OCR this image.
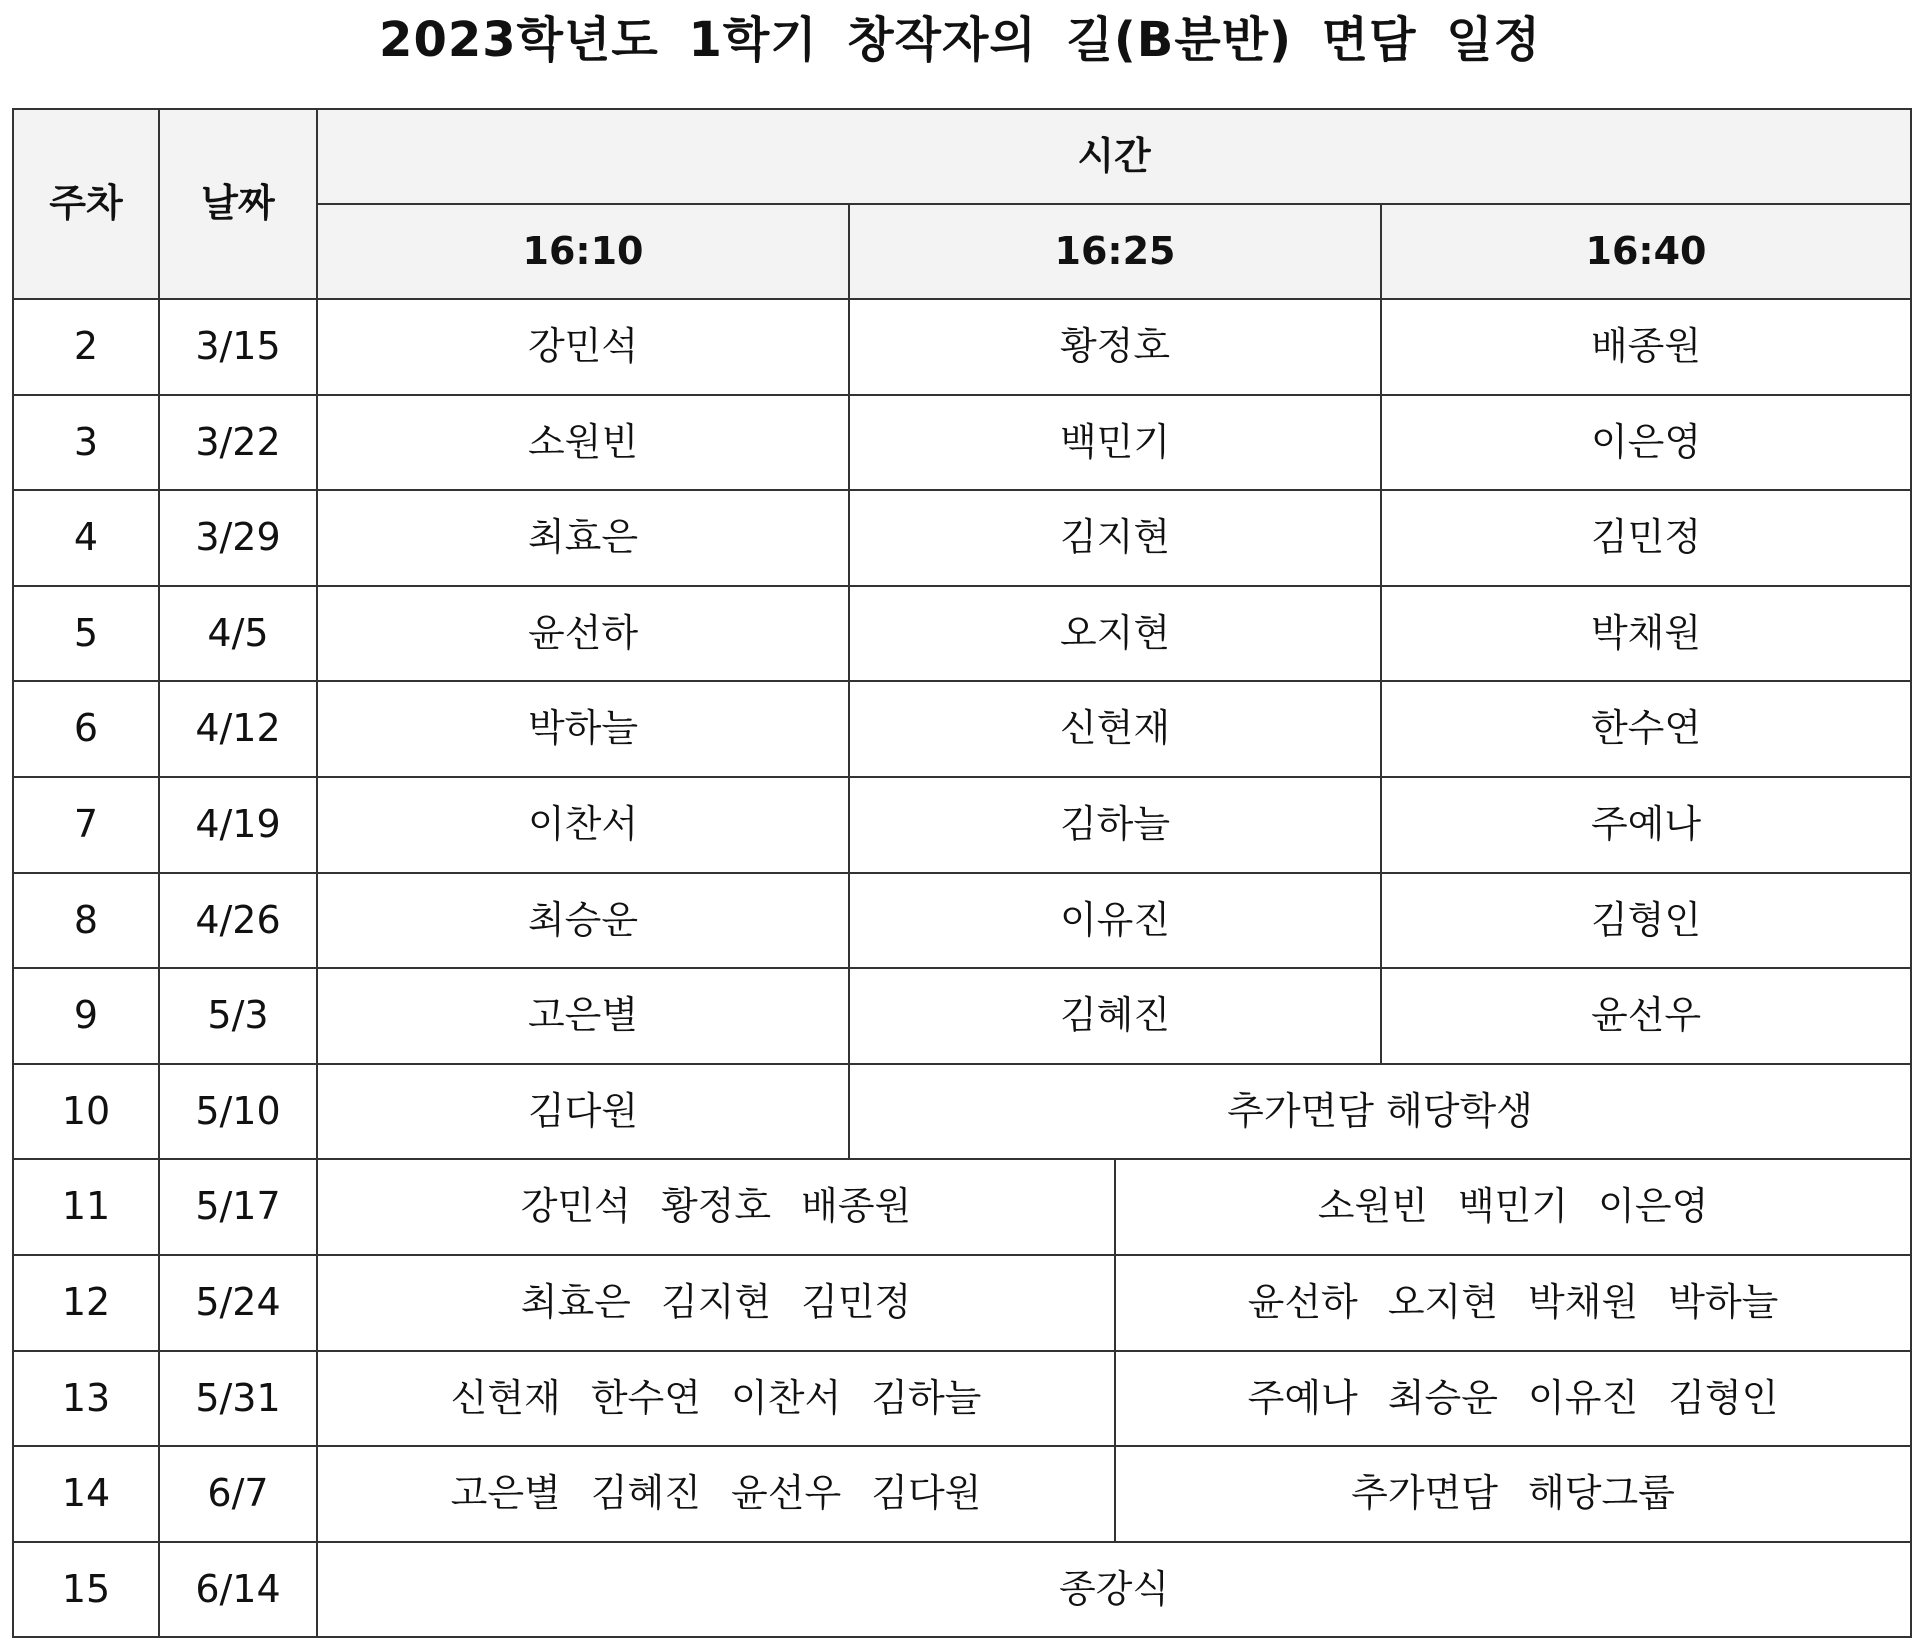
2023학년도 1학기 창작자의 길(B분반) 면담 일정
주차	날짜	시간			
		16:10	16:25		16:40
2	3/15	강민석	황정호		배종원
3	3/22	소원빈	백민기		이은영
4	3/29	최효은	김지현		김민정
5	4/5	윤선하	오지현		박채원
6	4/12	박하늘	신현재		한수연
7	4/19	이찬서	김하늘		주예나
8	4/26	최승운	이유진		김형인
9	5/3	고은별	김혜진		윤선우
10	5/10	김다원	추가면담 해당학생		
11	5/17	강민석 황정호 배종원		소원빈 백민기 이은영	
12	5/24	최효은 김지현 김민정		윤선하 오지현 박채원 박하늘	
13	5/31	신현재 한수연 이찬서 김하늘		주예나 최승운 이유진 김형인	
14	6/7	고은별 김혜진 윤선우 김다원		추가면담 해당그룹	
15	6/14	종강식			
